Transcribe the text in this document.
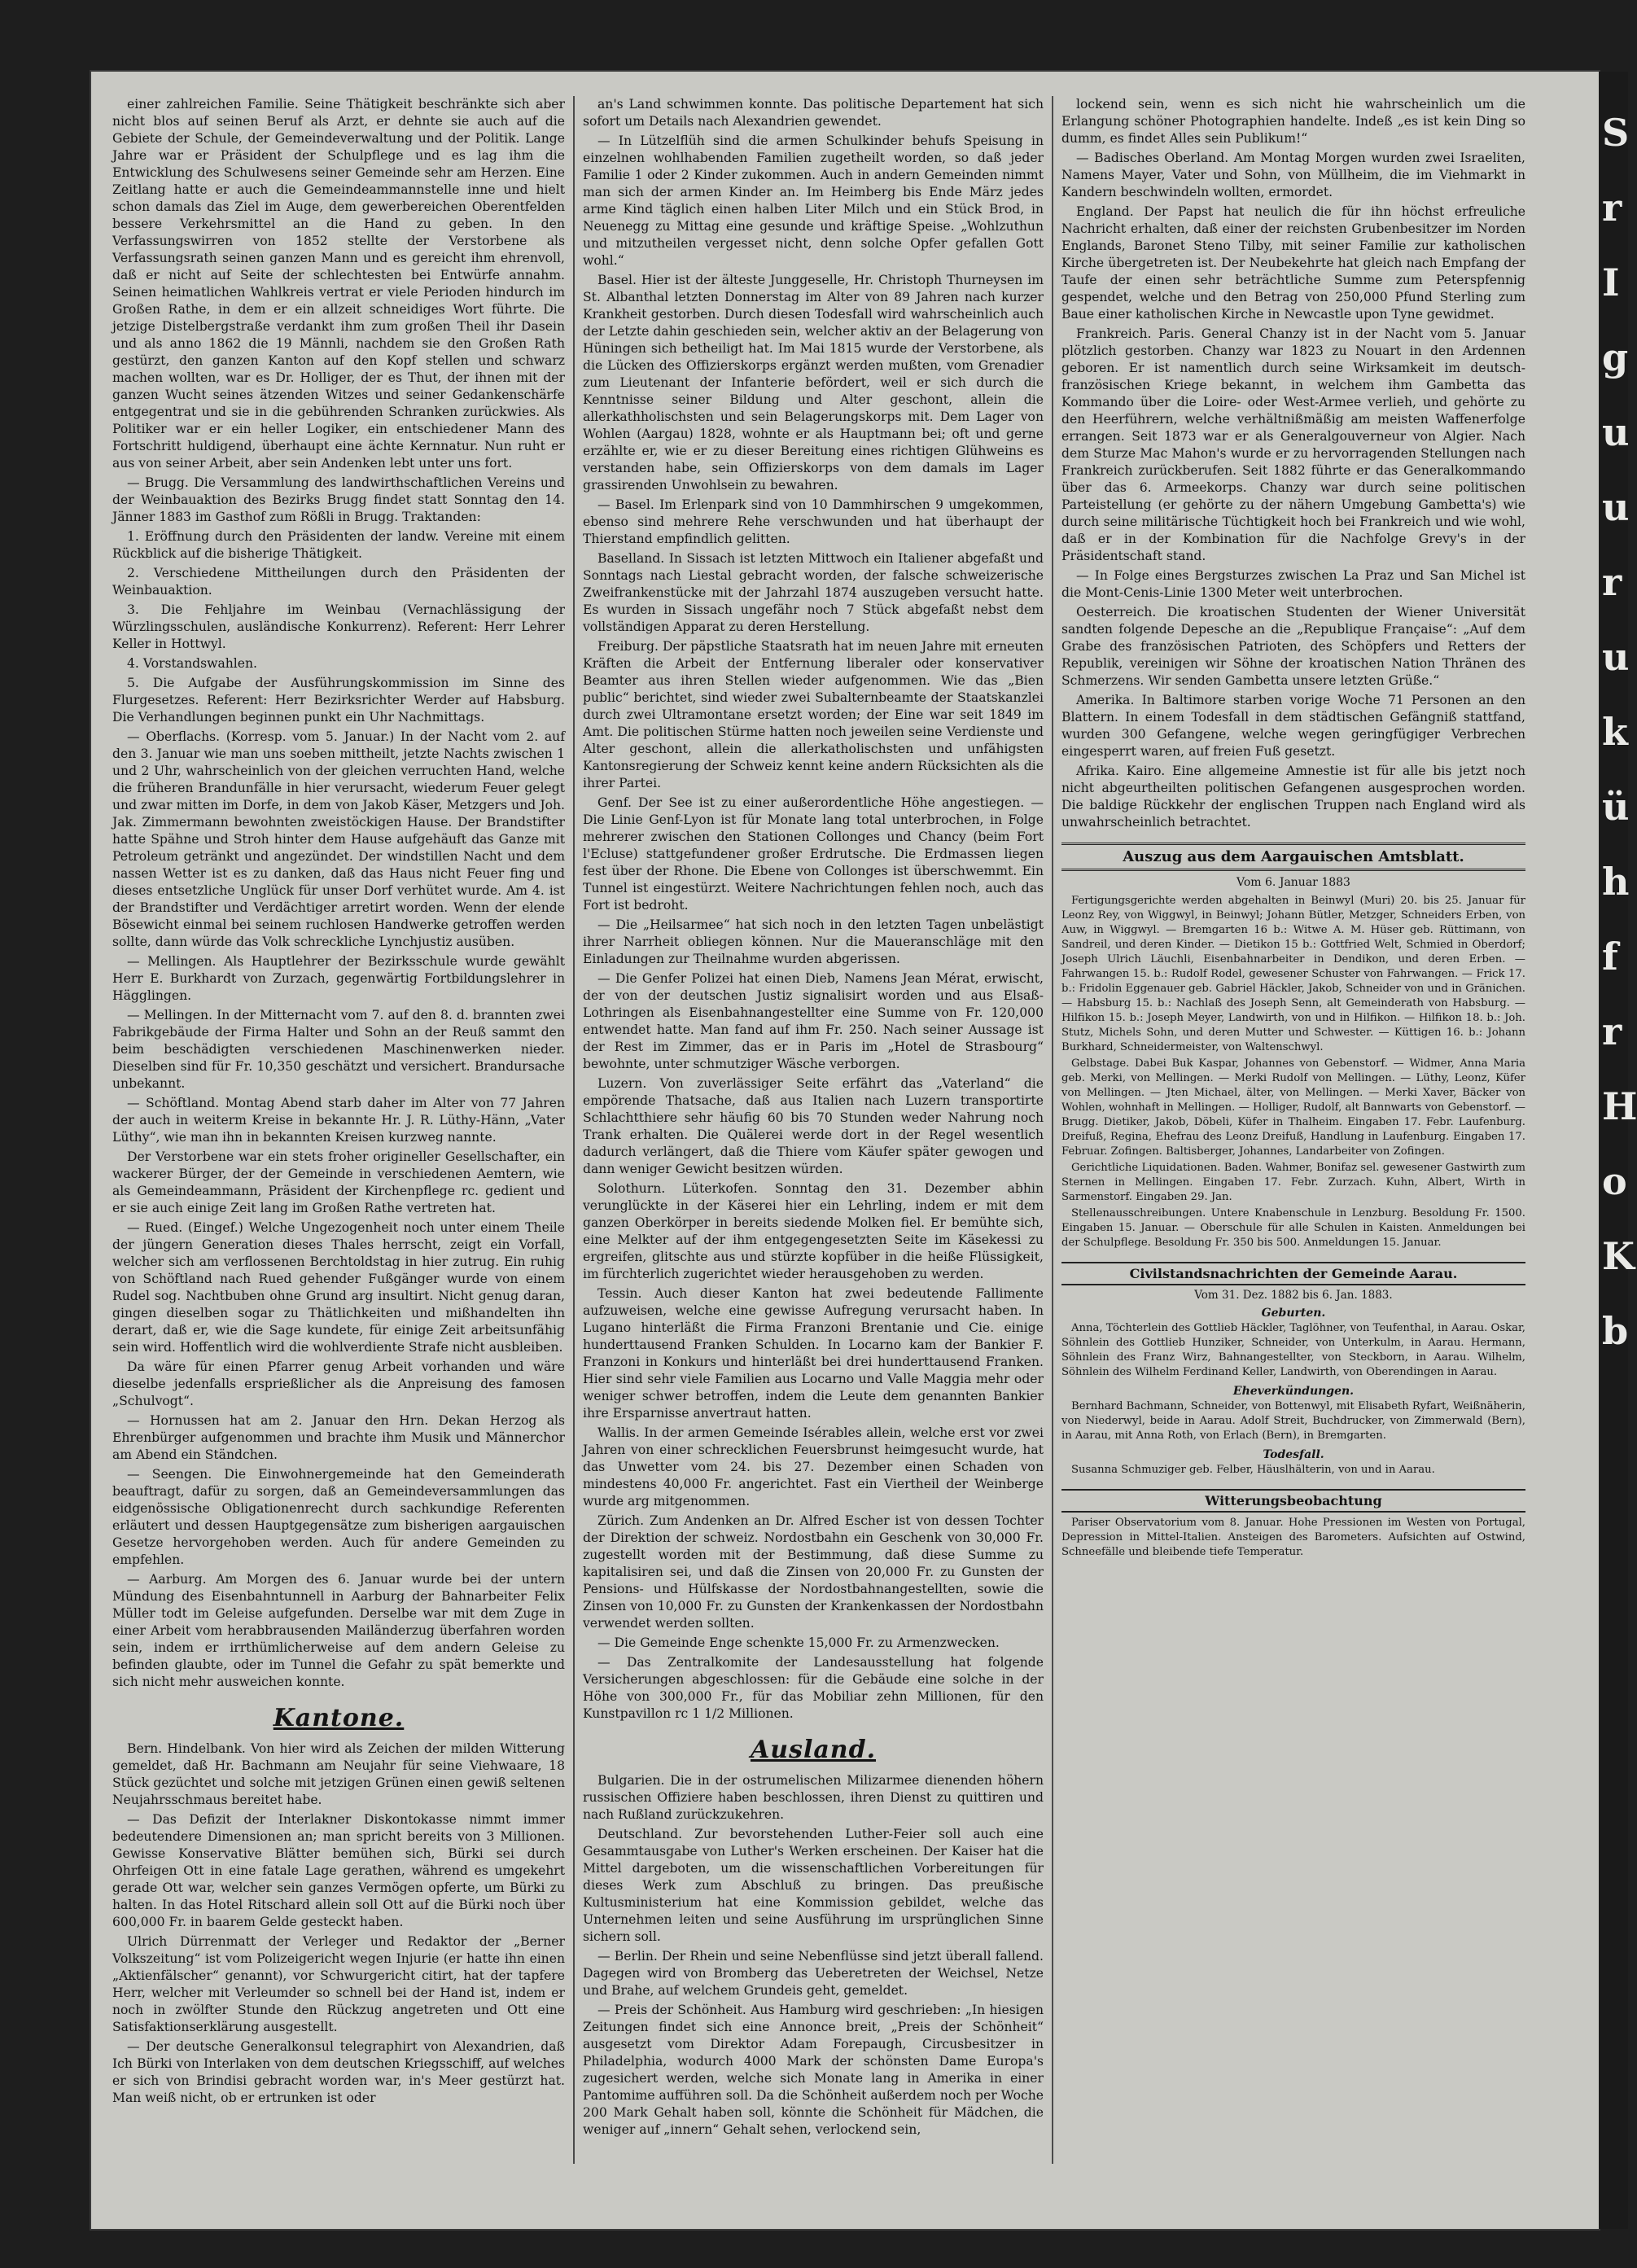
einer zahlreichen Familie. Seine Thätigkeit beschränkte sich aber nicht blos auf seinen Beruf als Arzt, er dehnte sie auch auf die Gebiete der Schule, der Gemeindeverwaltung und der Politik. Lange Jahre war er Präsident der Schulpflege und es lag ihm die Entwicklung des Schulwesens seiner Gemeinde sehr am Herzen. Eine Zeitlang hatte er auch die Gemeindeammannstelle inne und hielt schon damals das Ziel im Auge, dem gewerbereichen Oberentfelden bessere Verkehrsmittel an die Hand zu geben. In den Verfassungswirren von 1852 stellte der Verstorbene als Verfassungsrath seinen ganzen Mann und es gereicht ihm ehrenvoll, daß er nicht auf Seite der schlechtesten bei Entwürfe annahm. Seinen heimatlichen Wahlkreis vertrat er viele Perioden hindurch im Großen Rathe, in dem er ein allzeit schneidiges Wort führte. Die jetzige Distelbergstraße verdankt ihm zum großen Theil ihr Dasein und als anno 1862 die 19 Männli, nachdem sie den Großen Rath gestürzt, den ganzen Kanton auf den Kopf stellen und schwarz machen wollten, war es Dr. Holliger, der es Thut, der ihnen mit der ganzen Wucht seines ätzenden Witzes und seiner Gedankenschärfe entgegentrat und sie in die gebührenden Schranken zurückwies. Als Politiker war er ein heller Logiker, ein entschiedener Mann des Fortschritt huldigend, überhaupt eine ächte Kernnatur. Nun ruht er aus von seiner Arbeit, aber sein Andenken lebt unter uns fort.

— Brugg. Die Versammlung des landwirthschaftlichen Vereins und der Weinbauaktion des Bezirks Brugg findet statt Sonntag den 14. Jänner 1883 im Gasthof zum Rößli in Brugg. Traktanden:

1. Eröffnung durch den Präsidenten der landw. Vereine mit einem Rückblick auf die bisherige Thätigkeit.

2. Verschiedene Mittheilungen durch den Präsidenten der Weinbauaktion.

3. Die Fehljahre im Weinbau (Vernachlässigung der Würzlingsschulen, ausländische Konkurrenz). Referent: Herr Lehrer Keller in Hottwyl.

4. Vorstandswahlen.

5. Die Aufgabe der Ausführungskommission im Sinne des Flurgesetzes. Referent: Herr Bezirksrichter Werder auf Habsburg. Die Verhandlungen beginnen punkt ein Uhr Nachmittags.

— Oberflachs. (Korresp. vom 5. Januar.) In der Nacht vom 2. auf den 3. Januar wie man uns soeben mittheilt, jetzte Nachts zwischen 1 und 2 Uhr, wahrscheinlich von der gleichen verruchten Hand, welche die früheren Brandunfälle in hier verursacht, wiederum Feuer gelegt und zwar mitten im Dorfe, in dem von Jakob Käser, Metzgers und Joh. Jak. Zimmermann bewohnten zweistöckigen Hause. Der Brandstifter hatte Spähne und Stroh hinter dem Hause aufgehäuft das Ganze mit Petroleum getränkt und angezündet. Der windstillen Nacht und dem nassen Wetter ist es zu danken, daß das Haus nicht Feuer fing und dieses entsetzliche Unglück für unser Dorf verhütet wurde. Am 4. ist der Brandstifter und Verdächtiger arretirt worden. Wenn der elende Bösewicht einmal bei seinem ruchlosen Handwerke getroffen werden sollte, dann würde das Volk schreckliche Lynchjustiz ausüben.

— Mellingen. Als Hauptlehrer der Bezirksschule wurde gewählt Herr E. Burkhardt von Zurzach, gegenwärtig Fortbildungslehrer in Hägglingen.

— Mellingen. In der Mitternacht vom 7. auf den 8. d. brannten zwei Fabrikgebäude der Firma Halter und Sohn an der Reuß sammt den beim beschädigten verschiedenen Maschinenwerken nieder. Dieselben sind für Fr. 10,350 geschätzt und versichert. Brandursache unbekannt.

— Schöftland. Montag Abend starb daher im Alter von 77 Jahren der auch in weiterm Kreise in bekannte Hr. J. R. Lüthy-Hänn, „Vater Lüthy“, wie man ihn in bekannten Kreisen kurzweg nannte.

Der Verstorbene war ein stets froher origineller Gesellschafter, ein wackerer Bürger, der der Gemeinde in verschiedenen Aemtern, wie als Gemeindeammann, Präsident der Kirchenpflege rc. gedient und er sie auch einige Zeit lang im Großen Rathe vertreten hat.

— Rued. (Eingef.) Welche Ungezogenheit noch unter einem Theile der jüngern Generation dieses Thales herrscht, zeigt ein Vorfall, welcher sich am verflossenen Berchtoldstag in hier zutrug. Ein ruhig von Schöftland nach Rued gehender Fußgänger wurde von einem Rudel sog. Nachtbuben ohne Grund arg insultirt. Nicht genug daran, gingen dieselben sogar zu Thätlichkeiten und mißhandelten ihn derart, daß er, wie die Sage kundete, für einige Zeit arbeitsunfähig sein wird. Hoffentlich wird die wohlverdiente Strafe nicht ausbleiben.

Da wäre für einen Pfarrer genug Arbeit vorhanden und wäre dieselbe jedenfalls ersprießlicher als die Anpreisung des famosen „Schulvogt“.

— Hornussen hat am 2. Januar den Hrn. Dekan Herzog als Ehrenbürger aufgenommen und brachte ihm Musik und Männerchor am Abend ein Ständchen.

— Seengen. Die Einwohnergemeinde hat den Gemeinderath beauftragt, dafür zu sorgen, daß an Gemeindeversammlungen das eidgenössische Obligationenrecht durch sachkundige Referenten erläutert und dessen Hauptgegensätze zum bisherigen aargauischen Gesetze hervorgehoben werden. Auch für andere Gemeinden zu empfehlen.

— Aarburg. Am Morgen des 6. Januar wurde bei der untern Mündung des Eisenbahntunnell in Aarburg der Bahnarbeiter Felix Müller todt im Geleise aufgefunden. Derselbe war mit dem Zuge in einer Arbeit vom herabbrausenden Mailänderzug überfahren worden sein, indem er irrthümlicherweise auf dem andern Geleise zu befinden glaubte, oder im Tunnel die Gefahr zu spät bemerkte und sich nicht mehr ausweichen konnte.

Kantone.

Bern. Hindelbank. Von hier wird als Zeichen der milden Witterung gemeldet, daß Hr. Bachmann am Neujahr für seine Viehwaare, 18 Stück gezüchtet und solche mit jetzigen Grünen einen gewiß seltenen Neujahrsschmaus bereitet habe.

— Das Defizit der Interlakner Diskontokasse nimmt immer bedeutendere Dimensionen an; man spricht bereits von 3 Millionen. Gewisse Konservative Blätter bemühen sich, Bürki sei durch Ohrfeigen Ott in eine fatale Lage gerathen, während es umgekehrt gerade Ott war, welcher sein ganzes Vermögen opferte, um Bürki zu halten. In das Hotel Ritschard allein soll Ott auf die Bürki noch über 600,000 Fr. in baarem Gelde gesteckt haben.

Ulrich Dürrenmatt der Verleger und Redaktor der „Berner Volkszeitung“ ist vom Polizeigericht wegen Injurie (er hatte ihn einen „Aktienfälscher“ genannt), vor Schwurgericht citirt, hat der tapfere Herr, welcher mit Verleumder so schnell bei der Hand ist, indem er noch in zwölfter Stunde den Rückzug angetreten und Ott eine Satisfaktionserklärung ausgestellt.

— Der deutsche Generalkonsul telegraphirt von Alexandrien, daß Ich Bürki von Interlaken von dem deutschen Kriegsschiff, auf welches er sich von Brindisi gebracht worden war, in's Meer gestürzt hat. Man weiß nicht, ob er ertrunken ist oder

an's Land schwimmen konnte. Das politische Departement hat sich sofort um Details nach Alexandrien gewendet.

— In Lützelflüh sind die armen Schulkinder behufs Speisung in einzelnen wohlhabenden Familien zugetheilt worden, so daß jeder Familie 1 oder 2 Kinder zukommen. Auch in andern Gemeinden nimmt man sich der armen Kinder an. Im Heimberg bis Ende März jedes arme Kind täglich einen halben Liter Milch und ein Stück Brod, in Neuenegg zu Mittag eine gesunde und kräftige Speise. „Wohlzuthun und mitzutheilen vergesset nicht, denn solche Opfer gefallen Gott wohl.“

Basel. Hier ist der älteste Junggeselle, Hr. Christoph Thurneysen im St. Albanthal letzten Donnerstag im Alter von 89 Jahren nach kurzer Krankheit gestorben. Durch diesen Todesfall wird wahrscheinlich auch der Letzte dahin geschieden sein, welcher aktiv an der Belagerung von Hüningen sich betheiligt hat. Im Mai 1815 wurde der Verstorbene, als die Lücken des Offizierskorps ergänzt werden mußten, vom Grenadier zum Lieutenant der Infanterie befördert, weil er sich durch die Kenntnisse seiner Bildung und Alter geschont, allein die allerkathholischsten und sein Belagerungskorps mit. Dem Lager von Wohlen (Aargau) 1828, wohnte er als Hauptmann bei; oft und gerne erzählte er, wie er zu dieser Bereitung eines richtigen Glühweins es verstanden habe, sein Offizierskorps von dem damals im Lager grassirenden Unwohlsein zu bewahren.

— Basel. Im Erlenpark sind von 10 Dammhirschen 9 umgekommen, ebenso sind mehrere Rehe verschwunden und hat überhaupt der Thierstand empfindlich gelitten.

Baselland. In Sissach ist letzten Mittwoch ein Italiener abgefaßt und Sonntags nach Liestal gebracht worden, der falsche schweizerische Zweifrankenstücke mit der Jahrzahl 1874 auszugeben versucht hatte. Es wurden in Sissach ungefähr noch 7 Stück abgefaßt nebst dem vollständigen Apparat zu deren Herstellung.

Freiburg. Der päpstliche Staatsrath hat im neuen Jahre mit erneuten Kräften die Arbeit der Entfernung liberaler oder konservativer Beamter aus ihren Stellen wieder aufgenommen. Wie das „Bien public“ berichtet, sind wieder zwei Subalternbeamte der Staatskanzlei durch zwei Ultramontane ersetzt worden; der Eine war seit 1849 im Amt. Die politischen Stürme hatten noch jeweilen seine Verdienste und Alter geschont, allein die allerkatholischsten und unfähigsten Kantonsregierung der Schweiz kennt keine andern Rücksichten als die ihrer Partei.

Genf. Der See ist zu einer außerordentliche Höhe angestiegen. — Die Linie Genf-Lyon ist für Monate lang total unterbrochen, in Folge mehrerer zwischen den Stationen Collonges und Chancy (beim Fort l'Ecluse) stattgefundener großer Erdrutsche. Die Erdmassen liegen fest über der Rhone. Die Ebene von Collonges ist überschwemmt. Ein Tunnel ist eingestürzt. Weitere Nachrichtungen fehlen noch, auch das Fort ist bedroht.

— Die „Heilsarmee“ hat sich noch in den letzten Tagen unbelästigt ihrer Narrheit obliegen können. Nur die Maueranschläge mit den Einladungen zur Theilnahme wurden abgerissen.

— Die Genfer Polizei hat einen Dieb, Namens Jean Mérat, erwischt, der von der deutschen Justiz signalisirt worden und aus Elsaß-Lothringen als Eisenbahnangestellter eine Summe von Fr. 120,000 entwendet hatte. Man fand auf ihm Fr. 250. Nach seiner Aussage ist der Rest im Zimmer, das er in Paris im „Hotel de Strasbourg“ bewohnte, unter schmutziger Wäsche verborgen.

Luzern. Von zuverlässiger Seite erfährt das „Vaterland“ die empörende Thatsache, daß aus Italien nach Luzern transportirte Schlachtthiere sehr häufig 60 bis 70 Stunden weder Nahrung noch Trank erhalten. Die Quälerei werde dort in der Regel wesentlich dadurch verlängert, daß die Thiere vom Käufer später gewogen und dann weniger Gewicht besitzen würden.

Solothurn. Lüterkofen. Sonntag den 31. Dezember abhin verunglückte in der Käserei hier ein Lehrling, indem er mit dem ganzen Oberkörper in bereits siedende Molken fiel. Er bemühte sich, eine Melkter auf der ihm entgegengesetzten Seite im Käsekessi zu ergreifen, glitschte aus und stürzte kopfüber in die heiße Flüssigkeit, im fürchterlich zugerichtet wieder herausgehoben zu werden.

Tessin. Auch dieser Kanton hat zwei bedeutende Fallimente aufzuweisen, welche eine gewisse Aufregung verursacht haben. In Lugano hinterläßt die Firma Franzoni Brentanie und Cie. einige hunderttausend Franken Schulden. In Locarno kam der Bankier F. Franzoni in Konkurs und hinterläßt bei drei hunderttausend Franken. Hier sind sehr viele Familien aus Locarno und Valle Maggia mehr oder weniger schwer betroffen, indem die Leute dem genannten Bankier ihre Ersparnisse anvertraut hatten.

Wallis. In der armen Gemeinde Isérables allein, welche erst vor zwei Jahren von einer schrecklichen Feuersbrunst heimgesucht wurde, hat das Unwetter vom 24. bis 27. Dezember einen Schaden von mindestens 40,000 Fr. angerichtet. Fast ein Viertheil der Weinberge wurde arg mitgenommen.

Zürich. Zum Andenken an Dr. Alfred Escher ist von dessen Tochter der Direktion der schweiz. Nordostbahn ein Geschenk von 30,000 Fr. zugestellt worden mit der Bestimmung, daß diese Summe zu kapitalisiren sei, und daß die Zinsen von 20,000 Fr. zu Gunsten der Pensions- und Hülfskasse der Nordostbahnangestellten, sowie die Zinsen von 10,000 Fr. zu Gunsten der Krankenkassen der Nordostbahn verwendet werden sollten.

— Die Gemeinde Enge schenkte 15,000 Fr. zu Armenzwecken.

— Das Zentralkomite der Landesausstellung hat folgende Versicherungen abgeschlossen: für die Gebäude eine solche in der Höhe von 300,000 Fr., für das Mobiliar zehn Millionen, für den Kunstpavillon rc 1 1/2 Millionen.

Ausland.

Bulgarien. Die in der ostrumelischen Milizarmee dienenden höhern russischen Offiziere haben beschlossen, ihren Dienst zu quittiren und nach Rußland zurückzukehren.

Deutschland. Zur bevorstehenden Luther-Feier soll auch eine Gesammtausgabe von Luther's Werken erscheinen. Der Kaiser hat die Mittel dargeboten, um die wissenschaftlichen Vorbereitungen für dieses Werk zum Abschluß zu bringen. Das preußische Kultusministerium hat eine Kommission gebildet, welche das Unternehmen leiten und seine Ausführung im ursprünglichen Sinne sichern soll.

— Berlin. Der Rhein und seine Nebenflüsse sind jetzt überall fallend. Dagegen wird von Bromberg das Ueberetreten der Weichsel, Netze und Brahe, auf welchem Grundeis geht, gemeldet.

— Preis der Schönheit. Aus Hamburg wird geschrieben: „In hiesigen Zeitungen findet sich eine Annonce breit, „Preis der Schönheit“ ausgesetzt vom Direktor Adam Forepaugh, Circusbesitzer in Philadelphia, wodurch 4000 Mark der schönsten Dame Europa's zugesichert werden, welche sich Monate lang in Amerika in einer Pantomime aufführen soll. Da die Schönheit außerdem noch per Woche 200 Mark Gehalt haben soll, könnte die Schönheit für Mädchen, die weniger auf „innern“ Gehalt sehen, verlockend sein,

lockend sein, wenn es sich nicht hie wahrscheinlich um die Erlangung schöner Photographien handelte. Indeß „es ist kein Ding so dumm, es findet Alles sein Publikum!“

— Badisches Oberland. Am Montag Morgen wurden zwei Israeliten, Namens Mayer, Vater und Sohn, von Müllheim, die im Viehmarkt in Kandern beschwindeln wollten, ermordet.

England. Der Papst hat neulich die für ihn höchst erfreuliche Nachricht erhalten, daß einer der reichsten Grubenbesitzer im Norden Englands, Baronet Steno Tilby, mit seiner Familie zur katholischen Kirche übergetreten ist. Der Neubekehrte hat gleich nach Empfang der Taufe der einen sehr beträchtliche Summe zum Peterspfennig gespendet, welche und den Betrag von 250,000 Pfund Sterling zum Baue einer katholischen Kirche in Newcastle upon Tyne gewidmet.

Frankreich. Paris. General Chanzy ist in der Nacht vom 5. Januar plötzlich gestorben. Chanzy war 1823 zu Nouart in den Ardennen geboren. Er ist namentlich durch seine Wirksamkeit im deutsch-französischen Kriege bekannt, in welchem ihm Gambetta das Kommando über die Loire- oder West-Armee verlieh, und gehörte zu den Heerführern, welche verhältnißmäßig am meisten Waffenerfolge errangen. Seit 1873 war er als Generalgouverneur von Algier. Nach dem Sturze Mac Mahon's wurde er zu hervorragenden Stellungen nach Frankreich zurückberufen. Seit 1882 führte er das Generalkommando über das 6. Armeekorps. Chanzy war durch seine politischen Parteistellung (er gehörte zu der nähern Umgebung Gambetta's) wie durch seine militärische Tüchtigkeit hoch bei Frankreich und wie wohl, daß er in der Kombination für die Nachfolge Grevy's in der Präsidentschaft stand.

— In Folge eines Bergsturzes zwischen La Praz und San Michel ist die Mont-Cenis-Linie 1300 Meter weit unterbrochen.

Oesterreich. Die kroatischen Studenten der Wiener Universität sandten folgende Depesche an die „Republique Française“: „Auf dem Grabe des französischen Patrioten, des Schöpfers und Retters der Republik, vereinigen wir Söhne der kroatischen Nation Thränen des Schmerzens. Wir senden Gambetta unsere letzten Grüße.“

Amerika. In Baltimore starben vorige Woche 71 Personen an den Blattern. In einem Todesfall in dem städtischen Gefängniß stattfand, wurden 300 Gefangene, welche wegen geringfügiger Verbrechen eingesperrt waren, auf freien Fuß gesetzt.

Afrika. Kairo. Eine allgemeine Amnestie ist für alle bis jetzt noch nicht abgeurtheilten politischen Gefangenen ausgesprochen worden. Die baldige Rückkehr der englischen Truppen nach England wird als unwahrscheinlich betrachtet.

Auszug aus dem Aargauischen Amtsblatt.
Vom 6. Januar 1883

Fertigungsgerichte werden abgehalten in Beinwyl (Muri) 20. bis 25. Januar für Leonz Rey, von Wiggwyl, in Beinwyl; Johann Bütler, Metzger, Schneiders Erben, von Auw, in Wiggwyl. — Bremgarten 16 b.: Witwe A. M. Hüser geb. Rüttimann, von Sandreil, und deren Kinder. — Dietikon 15 b.: Gottfried Welt, Schmied in Oberdorf; Joseph Ulrich Läuchli, Eisenbahnarbeiter in Dendikon, und deren Erben. — Fahrwangen 15. b.: Rudolf Rodel, gewesener Schuster von Fahrwangen. — Frick 17. b.: Fridolin Eggenauer geb. Gabriel Häckler, Jakob, Schneider von und in Gränichen. — Habsburg 15. b.: Nachlaß des Joseph Senn, alt Gemeinderath von Habsburg. — Hilfikon 15. b.: Joseph Meyer, Landwirth, von und in Hilfikon. — Hilfikon 18. b.: Joh. Stutz, Michels Sohn, und deren Mutter und Schwester. — Küttigen 16. b.: Johann Burkhard, Schneidermeister, von Waltenschwyl.

Gelbstage. Dabei Buk Kaspar, Johannes von Gebenstorf. — Widmer, Anna Maria geb. Merki, von Mellingen. — Merki Rudolf von Mellingen. — Lüthy, Leonz, Küfer von Mellingen. — Jten Michael, älter, von Mellingen. — Merki Xaver, Bäcker von Wohlen, wohnhaft in Mellingen. — Holliger, Rudolf, alt Bannwarts von Gebenstorf. — Brugg. Dietiker, Jakob, Döbeli, Küfer in Thalheim. Eingaben 17. Febr. Laufenburg. Dreifuß, Regina, Ehefrau des Leonz Dreifuß, Handlung in Laufenburg. Eingaben 17. Februar. Zofingen. Baltisberger, Johannes, Landarbeiter von Zofingen.

Gerichtliche Liquidationen. Baden. Wahmer, Bonifaz sel. gewesener Gastwirth zum Sternen in Mellingen. Eingaben 17. Febr. Zurzach. Kuhn, Albert, Wirth in Sarmenstorf. Eingaben 29. Jan.

Stellenausschreibungen. Untere Knabenschule in Lenzburg. Besoldung Fr. 1500. Eingaben 15. Januar. — Oberschule für alle Schulen in Kaisten. Anmeldungen bei der Schulpflege. Besoldung Fr. 350 bis 500. Anmeldungen 15. Januar.

Civilstandsnachrichten der Gemeinde Aarau.
Vom 31. Dez. 1882 bis 6. Jan. 1883.
Geburten.

Anna, Töchterlein des Gottlieb Häckler, Taglöhner, von Teufenthal, in Aarau. Oskar, Söhnlein des Gottlieb Hunziker, Schneider, von Unterkulm, in Aarau. Hermann, Söhnlein des Franz Wirz, Bahnangestellter, von Steckborn, in Aarau. Wilhelm, Söhnlein des Wilhelm Ferdinand Keller, Landwirth, von Oberendingen in Aarau.

Eheverkündungen.

Bernhard Bachmann, Schneider, von Bottenwyl, mit Elisabeth Ryfart, Weißnäherin, von Niederwyl, beide in Aarau. Adolf Streit, Buchdrucker, von Zimmerwald (Bern), in Aarau, mit Anna Roth, von Erlach (Bern), in Bremgarten.

Todesfall.

Susanna Schmuziger geb. Felber, Häuslhälterin, von und in Aarau.

Witterungsbeobachtung

Pariser Observatorium vom 8. Januar. Hohe Pressionen im Westen von Portugal, Depression in Mittel-Italien. Ansteigen des Barometers. Aufsichten auf Ostwind, Schneefälle und bleibende tiefe Temperatur.

S
r
I
g
u
u
r
u
k
ü
h
f
r
H
o
K
b
